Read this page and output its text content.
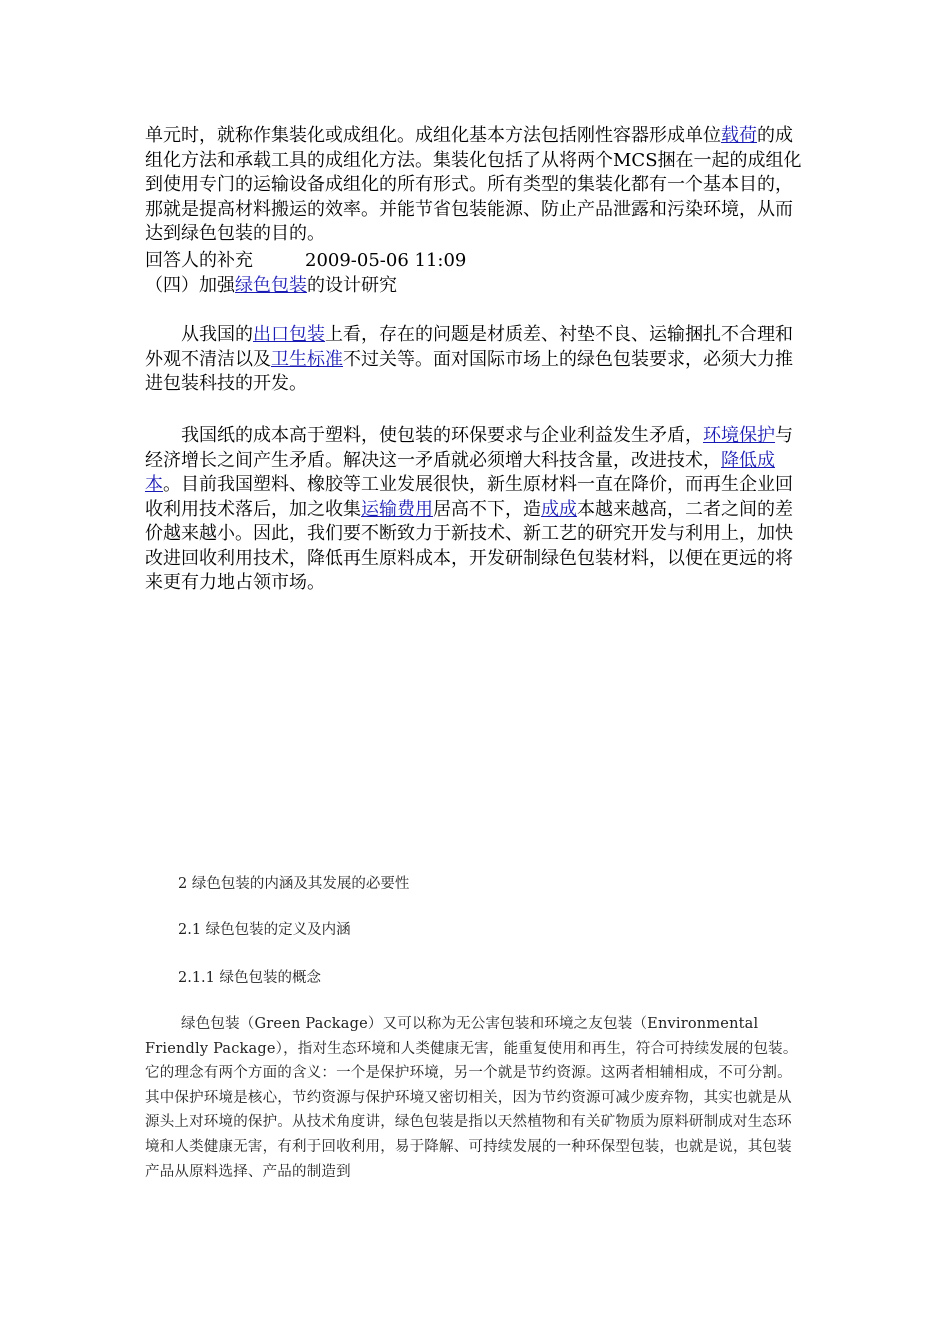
单元时，就称作集装化或成组化。成组化基本方法包括刚性容器形成单位载荷的成组化方法和承载工具的成组化方法。集装化包括了从将两个MCS捆在一起的成组化到使用专门的运输设备成组化的所有形式。所有类型的集装化都有一个基本目的，那就是提高材料搬运的效率。并能节省包装能源、防止产品泄露和污染环境，从而达到绿色包装的目的。

回答人的补充	2009-05-06 11:09

（四）加强绿色包装的设计研究

从我国的出口包装上看，存在的问题是材质差、衬垫不良、运输捆扎不合理和外观不清洁以及卫生标准不过关等。面对国际市场上的绿色包装要求，必须大力推进包装科技的开发。

我国纸的成本高于塑料，使包装的环保要求与企业利益发生矛盾，环境保护与经济增长之间产生矛盾。解决这一矛盾就必须增大科技含量，改进技术，降低成本。目前我国塑料、橡胶等工业发展很快，新生原材料一直在降价，而再生企业回收利用技术落后，加之收集运输费用居高不下，造成成本越来越高，二者之间的差价越来越小。因此，我们要不断致力于新技术、新工艺的研究开发与利用上，加快改进回收利用技术，降低再生原料成本，开发研制绿色包装材料，以便在更远的将来更有力地占领市场。

2 绿色包装的内涵及其发展的必要性
2.1 绿色包装的定义及内涵
2.1.1 绿色包装的概念

绿色包装（Green Package）又可以称为无公害包装和环境之友包装（Environmental Friendly Package），指对生态环境和人类健康无害，能重复使用和再生，符合可持续发展的包装。它的理念有两个方面的含义：一个是保护环境，另一个就是节约资源。这两者相辅相成，不可分割。其中保护环境是核心，节约资源与保护环境又密切相关，因为节约资源可减少废弃物，其实也就是从源头上对环境的保护。从技术角度讲，绿色包装是指以天然植物和有关矿物质为原料研制成对生态环境和人类健康无害，有利于回收利用，易于降解、可持续发展的一种环保型包装，也就是说，其包装产品从原料选择、产品的制造到
